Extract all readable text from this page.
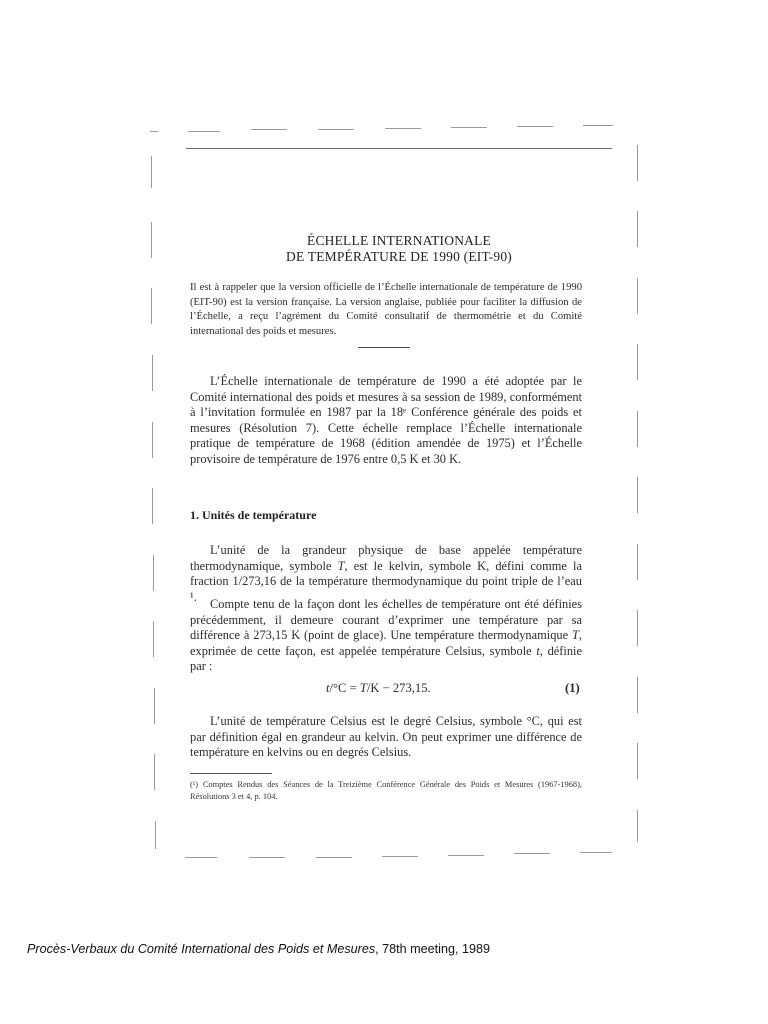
ÉCHELLE INTERNATIONALE
DE TEMPÉRATURE DE 1990 (EIT-90)
Il est à rappeler que la version officielle de l’Échelle internationale de température de 1990 (EIT-90) est la version française. La version anglaise, publiée pour faciliter la diffusion de l’Échelle, a reçu l’agrément du Comité consultatif de thermométrie et du Comité international des poids et mesures.
L’Échelle internationale de température de 1990 a été adoptée par le Comité international des poids et mesures à sa session de 1989, conformément à l’invitation formulée en 1987 par la 18ᵉ Conférence générale des poids et mesures (Résolution 7). Cette échelle remplace l’Échelle internationale pratique de température de 1968 (édition amendée de 1975) et l’Échelle provisoire de température de 1976 entre 0,5 K et 30 K.
1. Unités de température
L’unité de la grandeur physique de base appelée température thermodynamique, symbole T, est le kelvin, symbole K, défini comme la fraction 1/273,16 de la température thermodynamique du point triple de l’eau ¹.
Compte tenu de la façon dont les échelles de température ont été définies précédemment, il demeure courant d’exprimer une température par sa différence à 273,15 K (point de glace). Une température thermodynamique T, exprimée de cette façon, est appelée température Celsius, symbole t, définie par :
t/°C = T/K − 273,15.	(1)
L’unité de température Celsius est le degré Celsius, symbole °C, qui est par définition égal en grandeur au kelvin. On peut exprimer une différence de température en kelvins ou en degrés Celsius.
(¹) Comptes Rendus des Séances de la Treizième Conférence Générale des Poids et Mesures (1967-1968), Résolutions 3 et 4, p. 104.
Procès-Verbaux du Comité International des Poids et Mesures, 78th meeting, 1989
